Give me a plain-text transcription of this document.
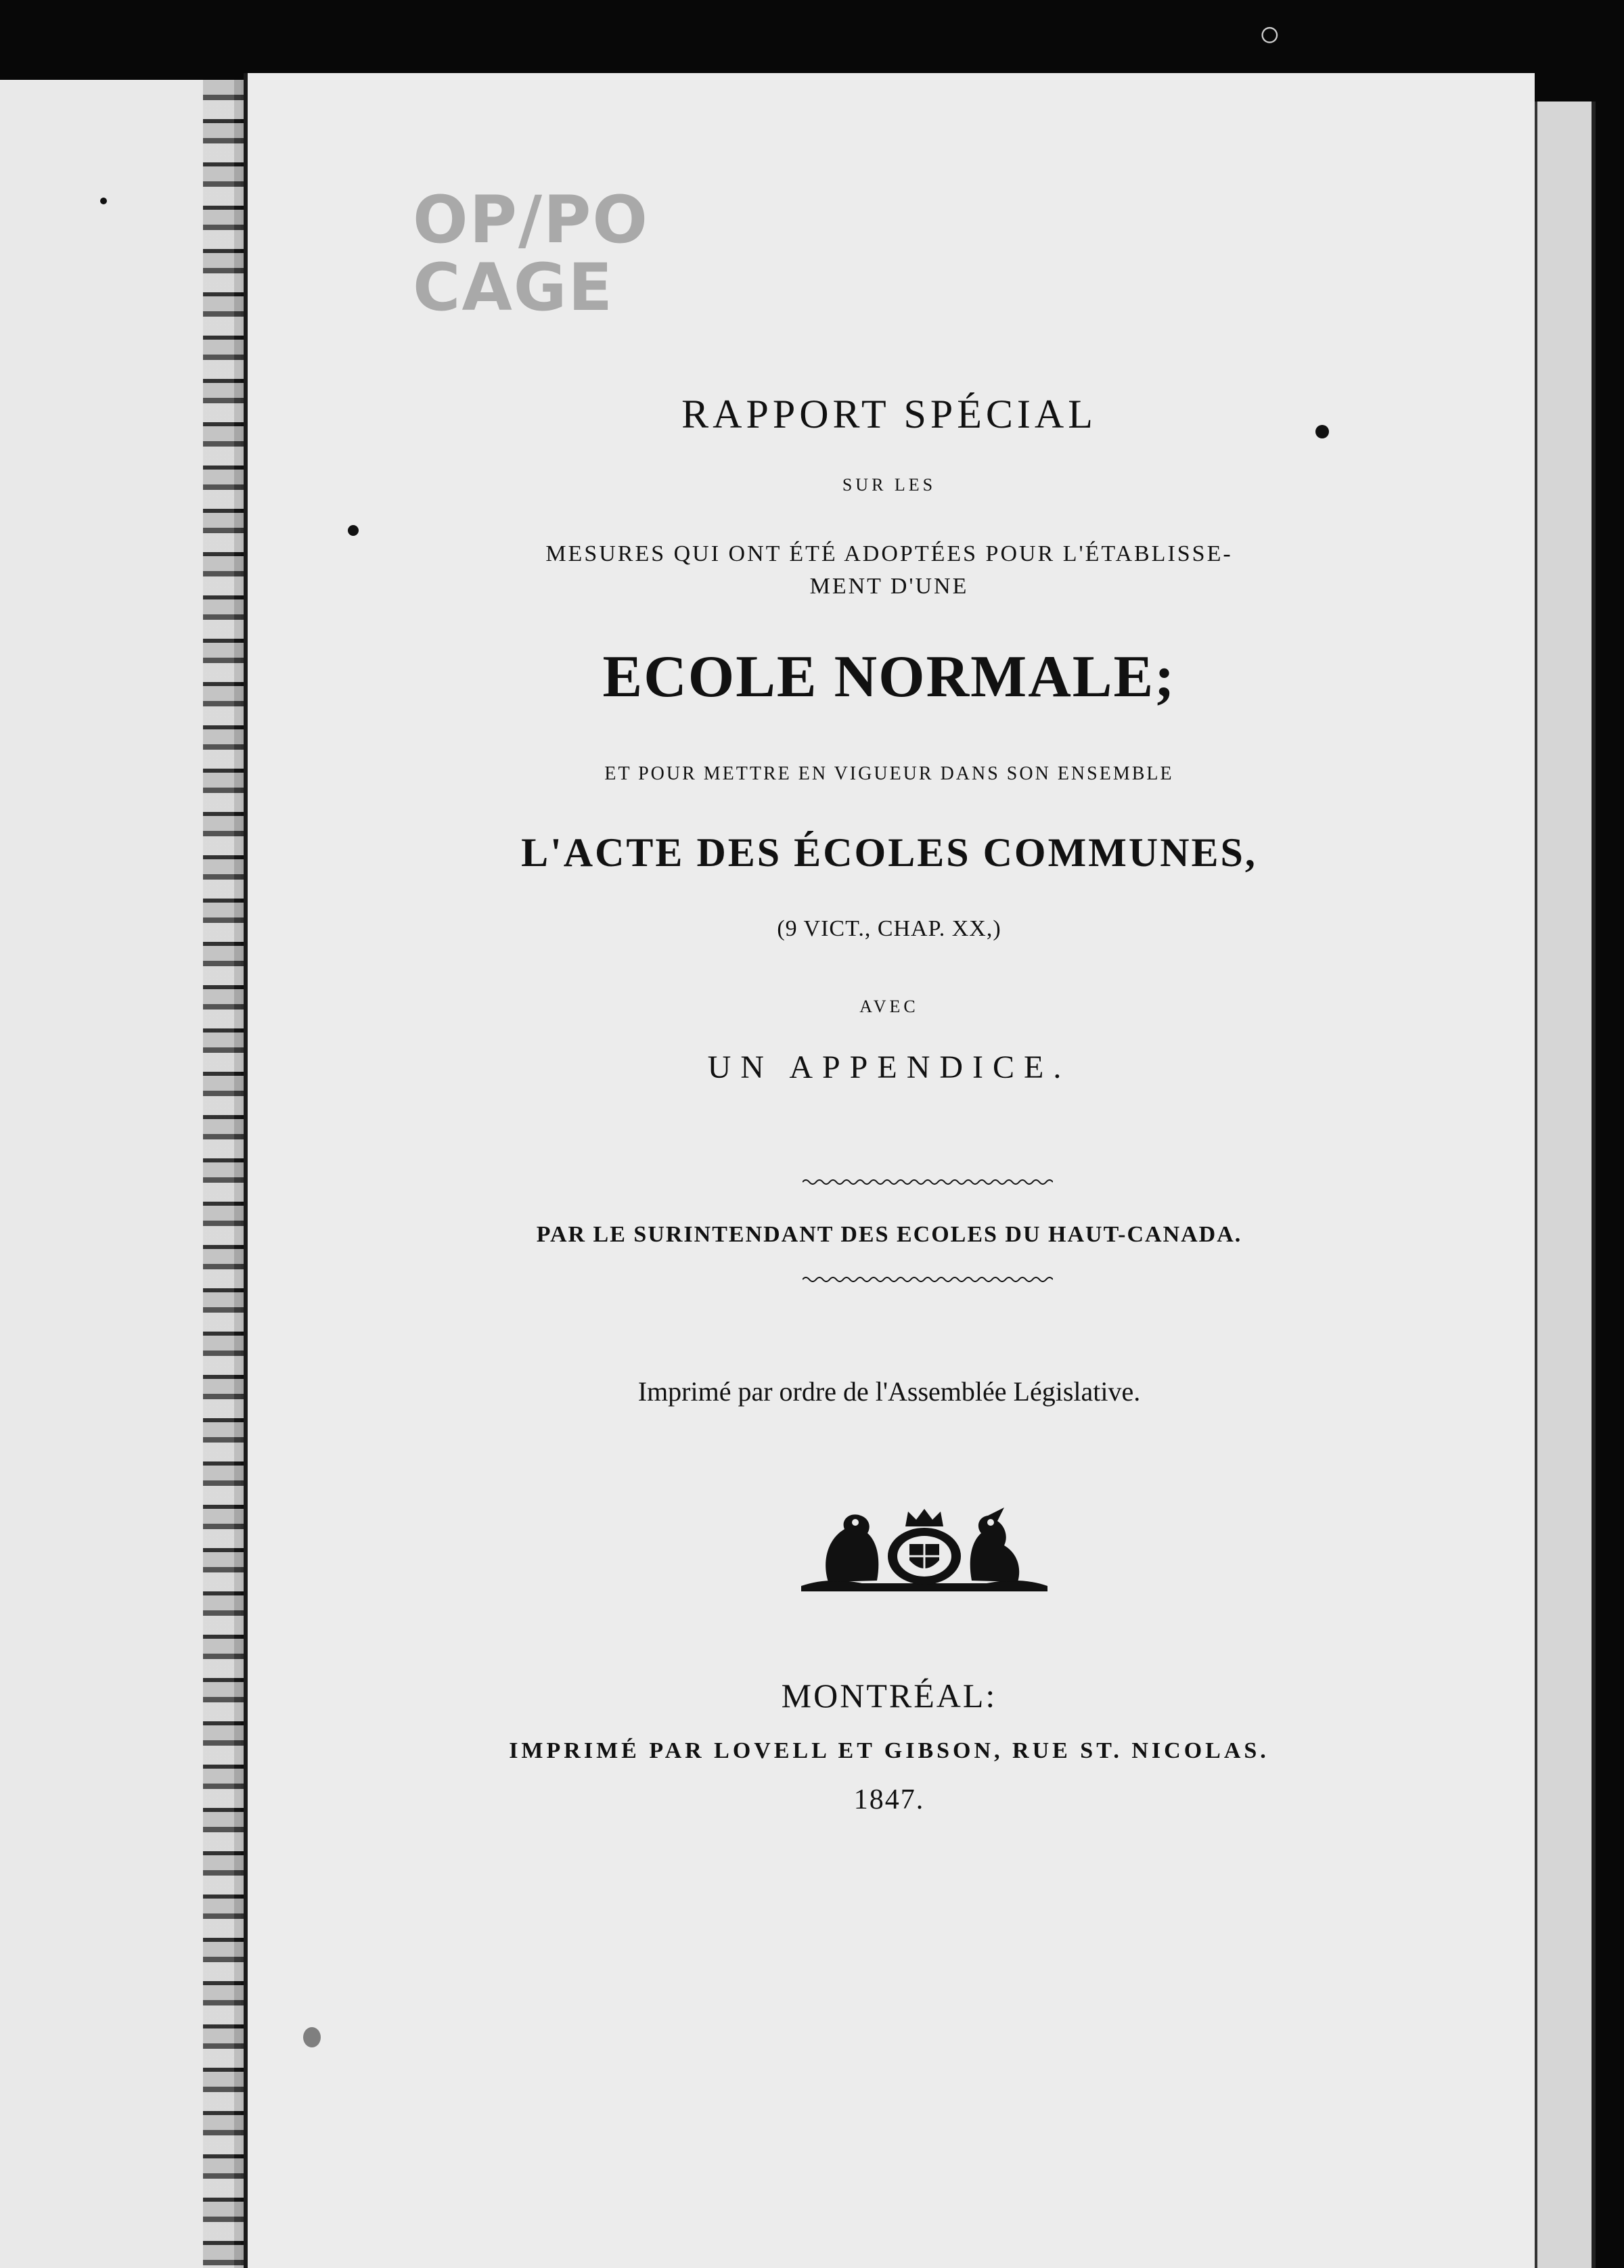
○
OP/PO
CAGE
RAPPORT SPÉCIAL
SUR LES
MESURES QUI ONT ÉTÉ ADOPTÉES POUR L'ÉTABLISSE-
MENT D'UNE
ECOLE NORMALE;
ET POUR METTRE EN VIGUEUR DANS SON ENSEMBLE
L'ACTE DES ÉCOLES COMMUNES,
(9 VICT., CHAP. XX,)
AVEC
UN APPENDICE.
PAR LE SURINTENDANT DES ECOLES DU HAUT-CANADA.
Imprimé par ordre de l'Assemblée Législative.
MONTRÉAL:
IMPRIMÉ PAR LOVELL ET GIBSON, RUE ST. NICOLAS.
1847.
